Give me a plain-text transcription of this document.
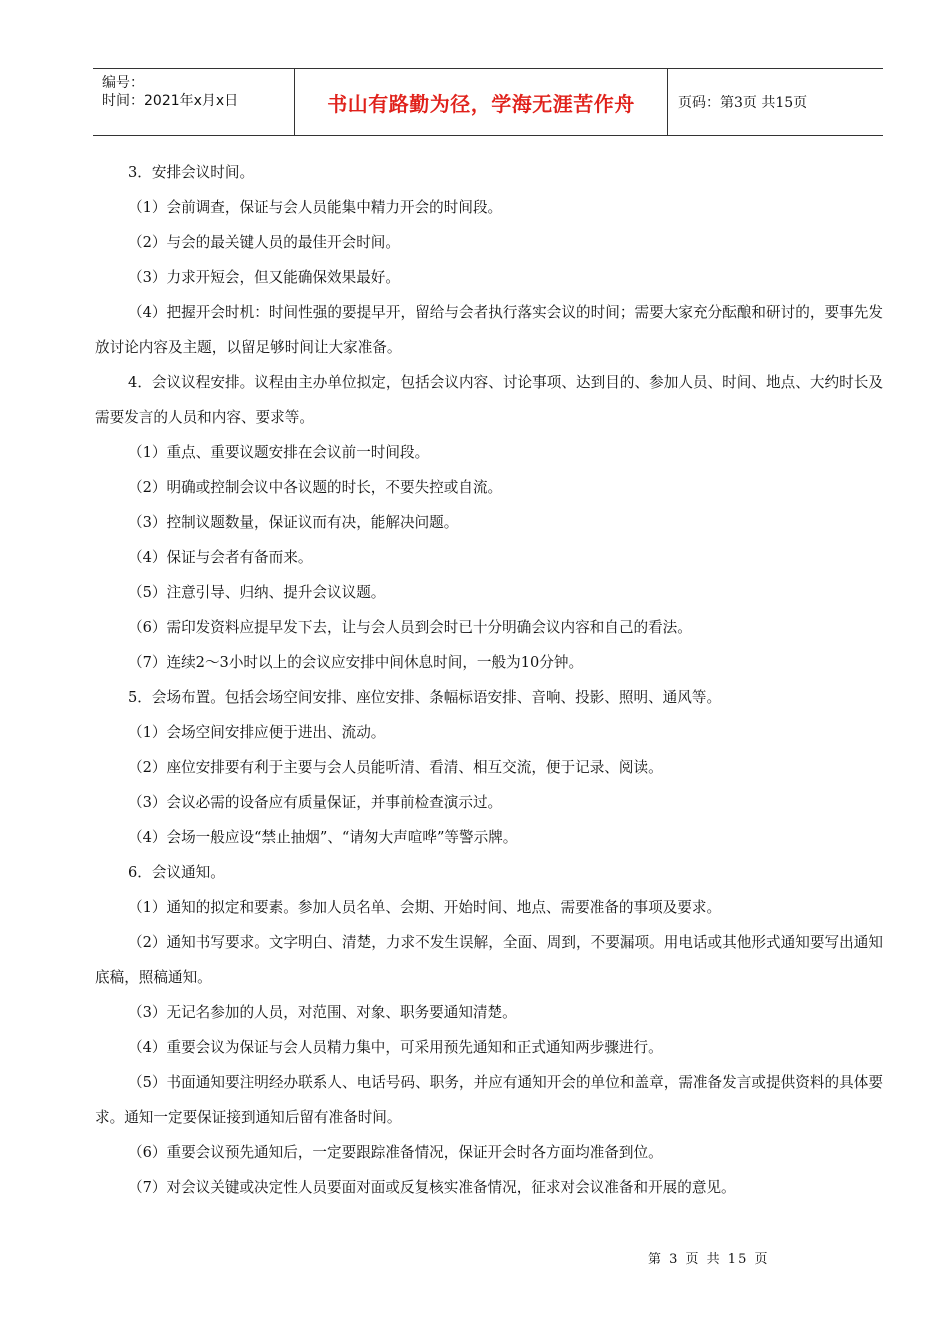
编号：
时间：2021年x月x日	书山有路勤为径，学海无涯苦作舟	页码：第3页 共15页

3．安排会议时间。

（1）会前调查，保证与会人员能集中精力开会的时间段。

（2）与会的最关键人员的最佳开会时间。

（3）力求开短会，但又能确保效果最好。

（4）把握开会时机：时间性强的要提早开，留给与会者执行落实会议的时间；需要大家充分酝酿和研讨的，要事先发放讨论内容及主题，以留足够时间让大家准备。

4．会议议程安排。议程由主办单位拟定，包括会议内容、讨论事项、达到目的、参加人员、时间、地点、大约时长及需要发言的人员和内容、要求等。

（1）重点、重要议题安排在会议前一时间段。

（2）明确或控制会议中各议题的时长，不要失控或自流。

（3）控制议题数量，保证议而有决，能解决问题。

（4）保证与会者有备而来。

（5）注意引导、归纳、提升会议议题。

（6）需印发资料应提早发下去，让与会人员到会时已十分明确会议内容和自己的看法。

（7）连续2～3小时以上的会议应安排中间休息时间，一般为10分钟。

5．会场布置。包括会场空间安排、座位安排、条幅标语安排、音响、投影、照明、通风等。

（1）会场空间安排应便于进出、流动。

（2）座位安排要有利于主要与会人员能听清、看清、相互交流，便于记录、阅读。

（3）会议必需的设备应有质量保证，并事前检查演示过。

（4）会场一般应设“禁止抽烟”、“请匆大声喧哗”等警示牌。

6．会议通知。

（1）通知的拟定和要素。参加人员名单、会期、开始时间、地点、需要准备的事项及要求。

（2）通知书写要求。文字明白、清楚，力求不发生误解，全面、周到，不要漏项。用电话或其他形式通知要写出通知底稿，照稿通知。

（3）无记名参加的人员，对范围、对象、职务要通知清楚。

（4）重要会议为保证与会人员精力集中，可采用预先通知和正式通知两步骤进行。

（5）书面通知要注明经办联系人、电话号码、职务，并应有通知开会的单位和盖章，需准备发言或提供资料的具体要求。通知一定要保证接到通知后留有准备时间。

（6）重要会议预先通知后，一定要跟踪准备情况，保证开会时各方面均准备到位。

（7）对会议关键或决定性人员要面对面或反复核实准备情况，征求对会议准备和开展的意见。

第 3 页 共 15 页
